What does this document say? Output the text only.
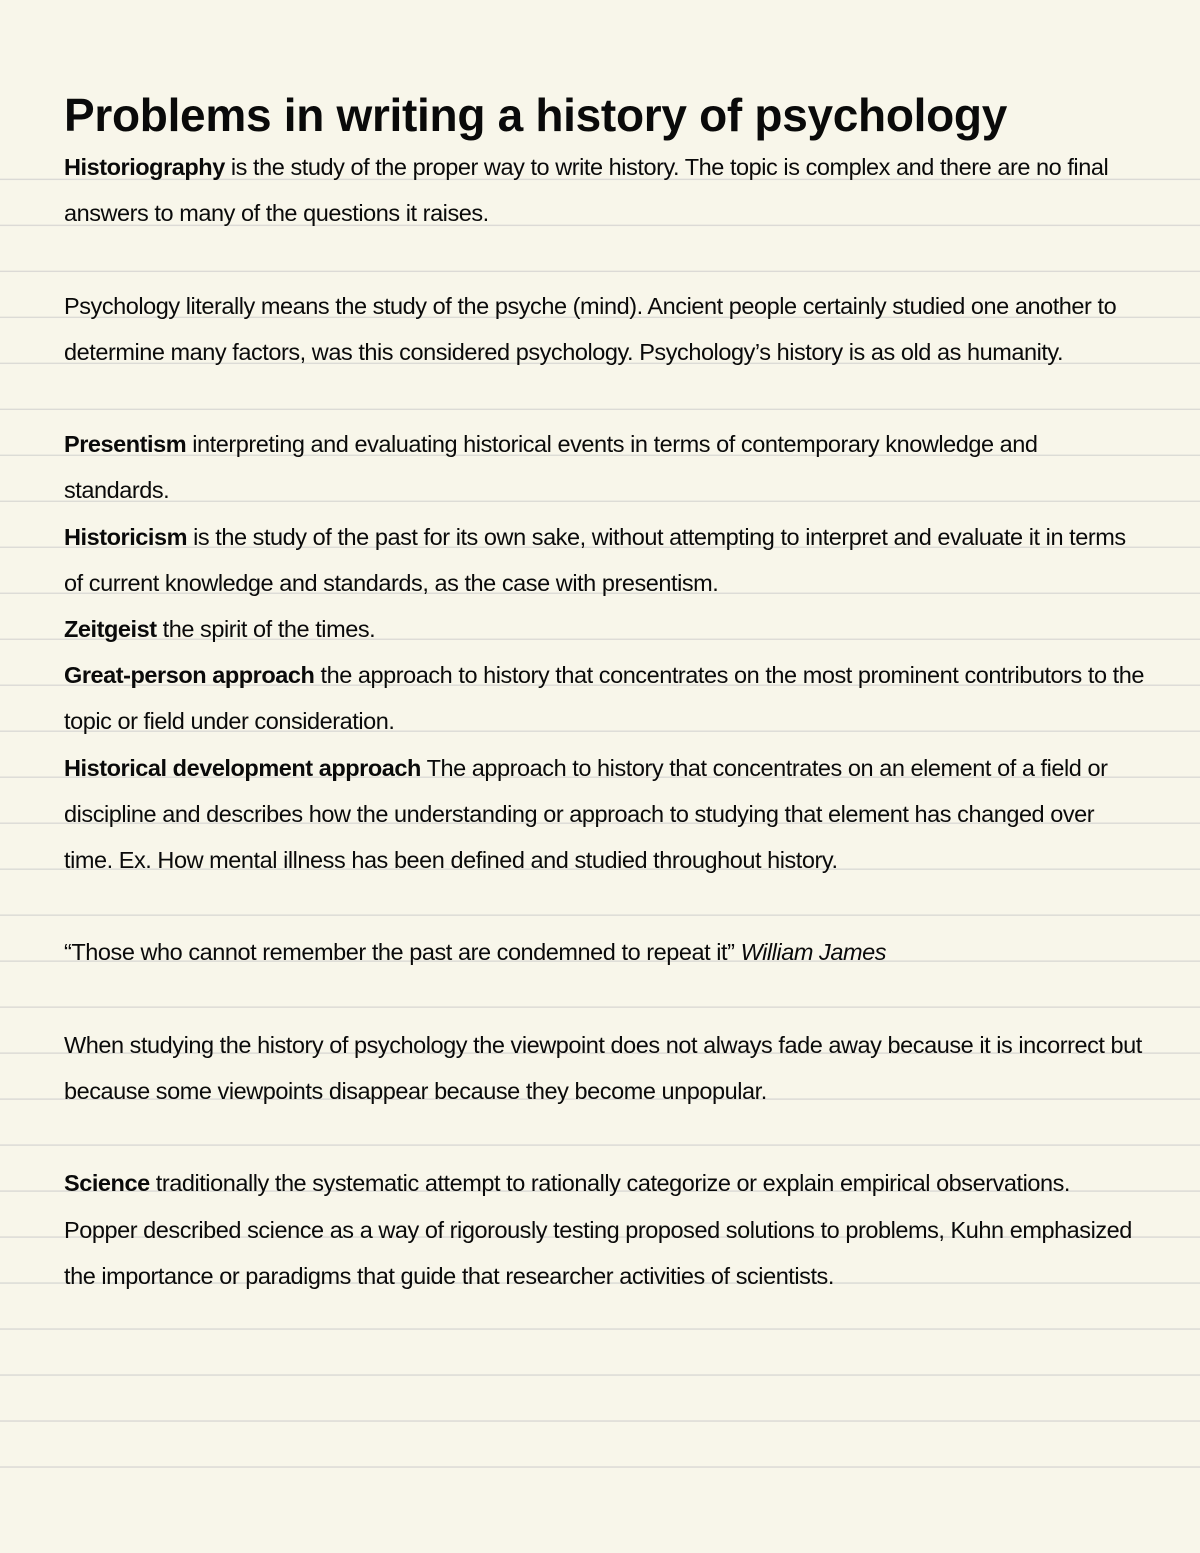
Problems in writing a history of psychology

Historiography is the study of the proper way to write history. The topic is complex and there are no final answers to many of the questions it raises.

Psychology literally means the study of the psyche (mind). Ancient people certainly studied one another to determine many factors, was this considered psychology. Psychology’s history is as old as humanity.

Presentism interpreting and evaluating historical events in terms of contemporary knowledge and standards.

Historicism is the study of the past for its own sake, without attempting to interpret and evaluate it in terms of current knowledge and standards, as the case with presentism.

Zeitgeist the spirit of the times.

Great-person approach the approach to history that concentrates on the most prominent contributors to the topic or field under consideration.

Historical development approach The approach to history that concentrates on an element of a field or discipline and describes how the understanding or approach to studying that element has changed over time. Ex. How mental illness has been defined and studied throughout history.

“Those who cannot remember the past are condemned to repeat it” William James

When studying the history of psychology the viewpoint does not always fade away because it is incorrect but because some viewpoints disappear because they become unpopular.

Science traditionally the systematic attempt to rationally categorize or explain empirical observations. Popper described science as a way of rigorously testing proposed solutions to problems, Kuhn emphasized the importance or paradigms that guide that researcher activities of scientists.
